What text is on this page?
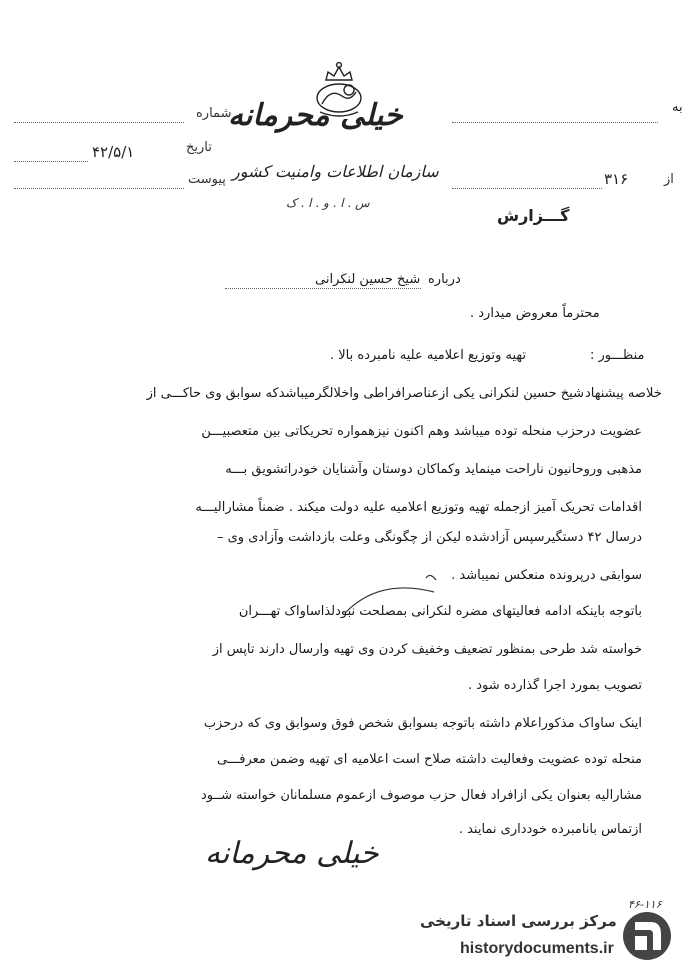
ﺑﻪ
شماره
تاریخ
۴۲/۵/۱
پیوست
خیلی محرمانه
سازمان اطلاعات وامنیت کشور
س . ا . و . ا . ک
از
۳۱۶
گـــزارش
درباره
شیخ حسین لنکرانی
محترماً معروض میدارد .
منظـــور :
تهیه وتوزیع اعلامیه علیه نامبرده بالا .
خلاصه پیشنهاد
شیخ حسین لنکرانی یکی ازعناصرافراطی واخلالگرمیباشدکه سوابق وی حاکـــی از
عضویت درحزب منحله توده میباشد وهم اکنون نیزهمواره تحریکاتی بین متعصبیـــن
مذهبی وروحانیون ناراحت مینماید وکماکان دوستان وآشنایان خودراتشویق بـــه
اقدامات تحریک آمیز ازجمله تهیه وتوزیع اعلامیه علیه دولت میکند . ضمناً مشارالیـــه
درسال ۴۲ دستگیرسپس آزادشده لیکن از چگونگی وعلت بازداشت وآزادی وی –
سوابقی درپرونده منعکس نمیباشد .
باتوجه باینکه ادامه فعالیتهای مضره لنکرانی بمصلحت نبودلذاساواک تهـــران
خواسته شد طرحی بمنظور تضعیف وخفیف کردن وی تهیه وارسال دارند تاپس از
تصویب بمورد اجرا گذارده شود .
اینک ساواک مذکوراعلام داشته باتوجه بسوابق شخص فوق وسوابق وی که درحزب
منحله توده عضویت وفعالیت داشته صلاح است اعلامیه ای تهیه وضمن معرفـــی
مشارالیه بعنوان یکی ازافراد فعال حزب موصوف ازعموم مسلمانان خواسته شــود
ازتماس بانامبرده خودداری نمایند .
خیلی محرمانه
۴۶-۱۱۶
مرکز بررسی اسناد تاریخی
historydocuments.ir
